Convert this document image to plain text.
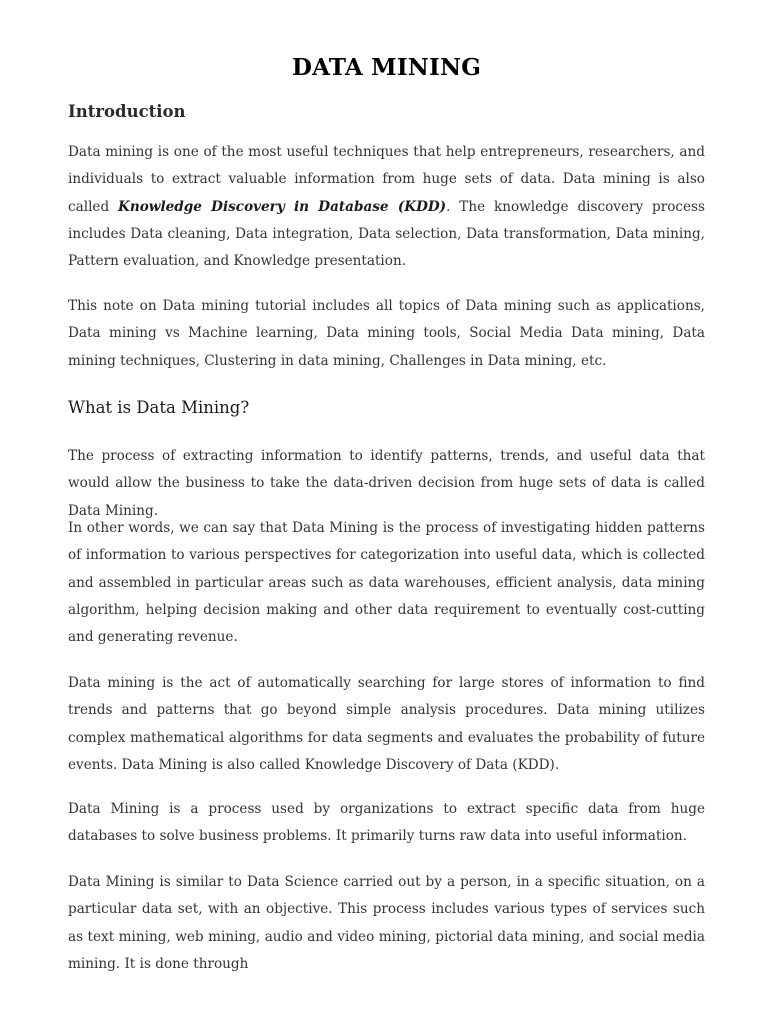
DATA MINING
Introduction

Data mining is one of the most useful techniques that help entrepreneurs, researchers, and individuals to extract valuable information from huge sets of data. Data mining is also called Knowledge Discovery in Database (KDD). The knowledge discovery process includes Data cleaning, Data integration, Data selection, Data transformation, Data mining, Pattern evaluation, and Knowledge presentation.

This note on Data mining tutorial includes all topics of Data mining such as applications, Data mining vs Machine learning, Data mining tools, Social Media Data mining, Data mining techniques, Clustering in data mining, Challenges in Data mining, etc.

What is Data Mining?

The process of extracting information to identify patterns, trends, and useful data that would allow the business to take the data-driven decision from huge sets of data is called Data Mining.

In other words, we can say that Data Mining is the process of investigating hidden patterns of information to various perspectives for categorization into useful data, which is collected and assembled in particular areas such as data warehouses, efficient analysis, data mining algorithm, helping decision making and other data requirement to eventually cost-cutting and generating revenue.

Data mining is the act of automatically searching for large stores of information to find trends and patterns that go beyond simple analysis procedures. Data mining utilizes complex mathematical algorithms for data segments and evaluates the probability of future events. Data Mining is also called Knowledge Discovery of Data (KDD).

Data Mining is a process used by organizations to extract specific data from huge databases to solve business problems. It primarily turns raw data into useful information.

Data Mining is similar to Data Science carried out by a person, in a specific situation, on a particular data set, with an objective. This process includes various types of services such as text mining, web mining, audio and video mining, pictorial data mining, and social media mining. It is done through
